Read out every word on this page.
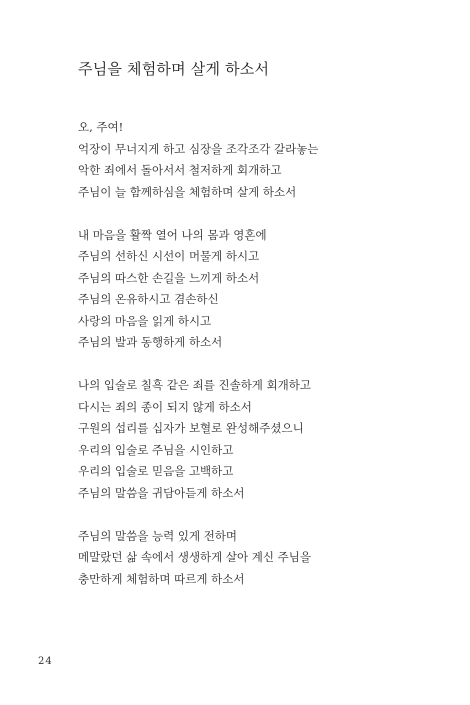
주님을 체험하며 살게 하소서
오, 주여!
억장이 무너지게 하고 심장을 조각조각 갈라놓는
악한 죄에서 돌아서서 철저하게 회개하고
주님이 늘 함께하심을 체험하며 살게 하소서
내 마음을 활짝 열어 나의 몸과 영혼에
주님의 선하신 시선이 머물게 하시고
주님의 따스한 손길을 느끼게 하소서
주님의 온유하시고 겸손하신
사랑의 마음을 읽게 하시고
주님의 발과 동행하게 하소서
나의 입술로 칠흑 같은 죄를 진솔하게 회개하고
다시는 죄의 종이 되지 않게 하소서
구원의 섭리를 십자가 보혈로 완성해주셨으니
우리의 입술로 주님을 시인하고
우리의 입술로 믿음을 고백하고
주님의 말씀을 귀담아듣게 하소서
주님의 말씀을 능력 있게 전하며
메말랐던 삶 속에서 생생하게 살아 계신 주님을
충만하게 체험하며 따르게 하소서
24
